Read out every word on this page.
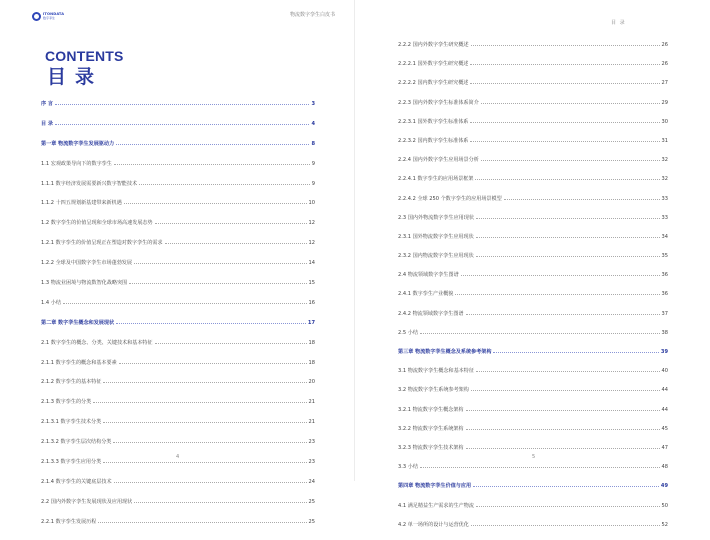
ITONDATA
数字孪生
CONTENTS
目录
序 言	3
目 录	4
第一章 物流数字孪生发展驱动力	8
1.1 宏观政策导向下的数字孪生	9
1.1.1 数字经济发展需要新兴数字智能技术	9
1.1.2 十四五规划新基建带来新机遇	10
1.2 数字孪生的价值呈现和全球市场高速发展态势	12
1.2.1 数字孪生的价值呈现正在塑造对数字孪生的需求	12
1.2.2 全球及中国数字孪生市场蓬勃发展	14
1.3 物流业困境与物流数智化战略突围	15
1.4 小结	16
第二章 数字孪生概念和发展现状	17
2.1 数字孪生的概念、分类、关键技术和基本特征	18
2.1.1 数字孪生的概念和基本要素	18
2.1.2 数字孪生的基本特征	20
2.1.3 数字孪生的分类	21
2.1.3.1 数字孪生技术分类	21
2.1.3.2 数字孪生层次结构分类	23
2.1.3.3 数字孪生应用分类	23
2.1.4 数字孪生的关键底层技术	24
2.2 国内外数字孪生发展现状及应用现状	25
2.2.1 数字孪生发展历程	25
4
物流数字孪生白皮书
目 录
2.2.2 国内外数字孪生研究概述	26
2.2.2.1 国外数字孪生研究概述	26
2.2.2.2 国内数字孪生研究概述	27
2.2.3 国内外数字孪生标准体系简介	29
2.2.3.1 国外数字孪生标准体系	30
2.2.3.2 国内数字孪生标准体系	31
2.2.4 国内外数字孪生应用场景分析	32
2.2.4.1 数字孪生的应用场景框架	32
2.2.4.2 全球 250 个数字孪生的应用场景模型	33
2.3 国内外物流数字孪生应用现状	33
2.3.1 国外物流数字孪生应用现状	34
2.3.2 国内物流数字孪生应用现状	35
2.4 物流领域数字孪生图谱	36
2.4.1 数字孪生产业概貌	36
2.4.2 物流领域数字孪生图谱	37
2.5 小结	38
第三章 物流数字孪生概念及系统参考架构	39
3.1 物流数字孪生概念和基本特征	40
3.2 物流数字孪生系统参考架构	44
3.2.1 物流数字孪生概念架构	44
3.2.2 物流数字孪生系统架构	45
3.2.3 物流数字孪生技术架构	47
3.3 小结	48
第四章 物流数字孪生价值与应用	49
4.1 满足精益生产需求的生产物流	50
4.2 单一场所的设计与运营优化	52
5
